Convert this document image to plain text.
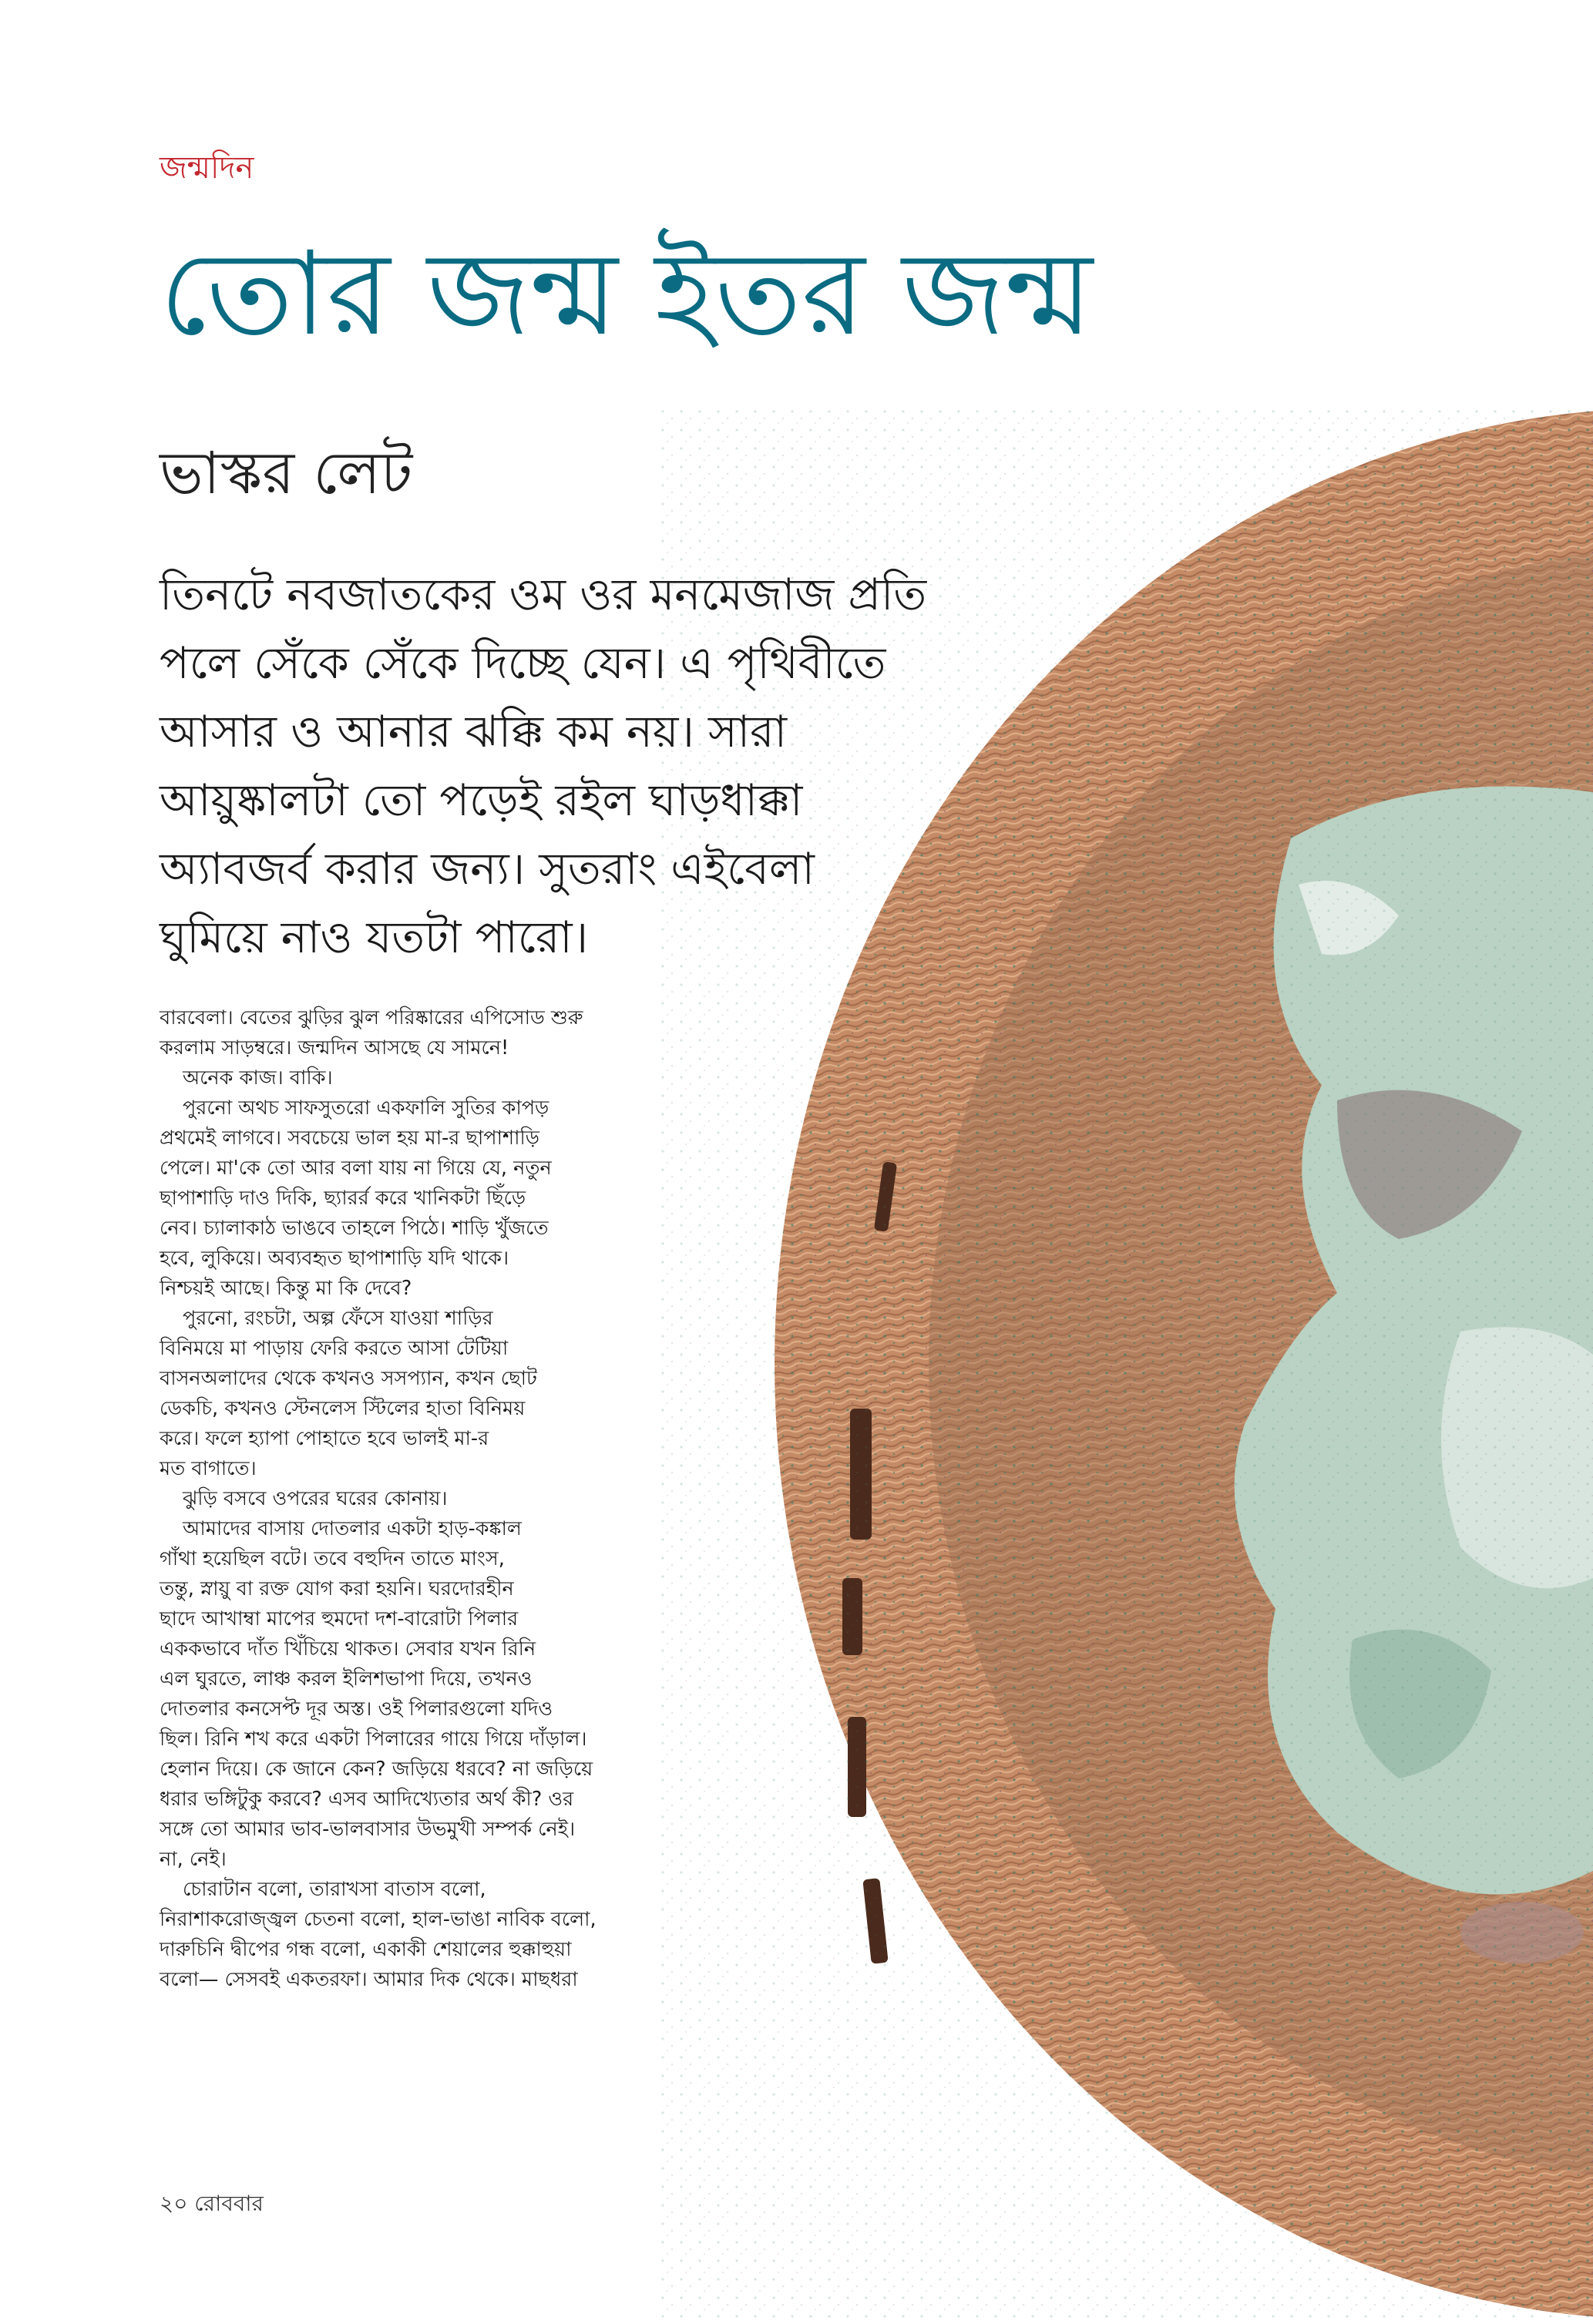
জন্মদিন
তোর জন্ম ইতর জন্ম
ভাস্কর লেট
তিনটে নবজাতকের ওম ওর মনমেজাজ প্রতি
পলে সেঁকে সেঁকে দিচ্ছে যেন। এ পৃথিবীতে
আসার ও আনার ঝক্কি কম নয়। সারা
আয়ুষ্কালটা তো পড়েই রইল ঘাড়ধাক্কা
অ্যাবজর্ব করার জন্য। সুতরাং এইবেলা
ঘুমিয়ে নাও যতটা পারো।
বারবেলা। বেতের ঝুড়ির ঝুল পরিষ্কারের এপিসোড শুরু
করলাম সাড়ম্বরে। জন্মদিন আসছে যে সামনে!
অনেক কাজ। বাকি।
পুরনো অথচ সাফসুতরো একফালি সুতির কাপড়
প্রথমেই লাগবে। সবচেয়ে ভাল হয় মা-র ছাপাশাড়ি
পেলে। মা'কে তো আর বলা যায় না গিয়ে যে, নতুন
ছাপাশাড়ি দাও দিকি, ছ্যারর্র করে খানিকটা ছিঁড়ে
নেব। চ্যালাকাঠ ভাঙবে তাহলে পিঠে। শাড়ি খুঁজতে
হবে, লুকিয়ে। অব্যবহৃত ছাপাশাড়ি যদি থাকে।
নিশ্চয়ই আছে। কিন্তু মা কি দেবে?
পুরনো, রংচটা, অল্প ফেঁসে যাওয়া শাড়ির
বিনিময়ে মা পাড়ায় ফেরি করতে আসা টেটিয়া
বাসনঅলাদের থেকে কখনও সসপ্যান, কখন ছোট
ডেকচি, কখনও স্টেনলেস স্টিলের হাতা বিনিময়
করে। ফলে হ্যাপা পোহাতে হবে ভালই মা-র
মত বাগাতে।
ঝুড়ি বসবে ওপরের ঘরের কোনায়।
আমাদের বাসায় দোতলার একটা হাড়-কঙ্কাল
গাঁথা হয়েছিল বটে। তবে বহুদিন তাতে মাংস,
তন্তু, স্নায়ু বা রক্ত যোগ করা হয়নি। ঘরদোরহীন
ছাদে আখাম্বা মাপের হুমদো দশ-বারোটা পিলার
এককভাবে দাঁত খিঁচিয়ে থাকত। সেবার যখন রিনি
এল ঘুরতে, লাঞ্চ করল ইলিশভাপা দিয়ে, তখনও
দোতলার কনসেপ্ট দূর অস্ত। ওই পিলারগুলো যদিও
ছিল। রিনি শখ করে একটা পিলারের গায়ে গিয়ে দাঁড়াল।
হেলান দিয়ে। কে জানে কেন? জড়িয়ে ধরবে? না জড়িয়ে
ধরার ভঙ্গিটুকু করবে? এসব আদিখ্যেতার অর্থ কী? ওর
সঙ্গে তো আমার ভাব-ভালবাসার উভমুখী সম্পর্ক নেই।
না, নেই।
চোরাটান বলো, তারাখসা বাতাস বলো,
নিরাশাকরোজ্জ্বল চেতনা বলো, হাল-ভাঙা নাবিক বলো,
দারুচিনি দ্বীপের গন্ধ বলো, একাকী শেয়ালের হুক্কাহুয়া
বলো— সেসবই একতরফা। আমার দিক থেকে। মাছধরা
২০ রোববার
